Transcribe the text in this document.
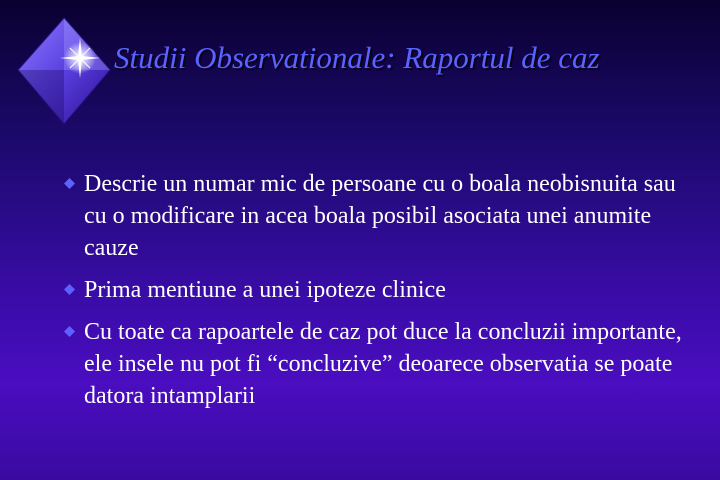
Studii Observationale: Raportul de caz
Descrie un numar mic de persoane cu o boala neobisnuita sau cu o modificare in acea boala posibil asociata unei anumite cauze
Prima mentiune a unei ipoteze clinice
Cu toate ca rapoartele de caz pot duce la concluzii importante, ele insele nu pot fi “concluzive” deoarece observatia se poate datora intamplarii
